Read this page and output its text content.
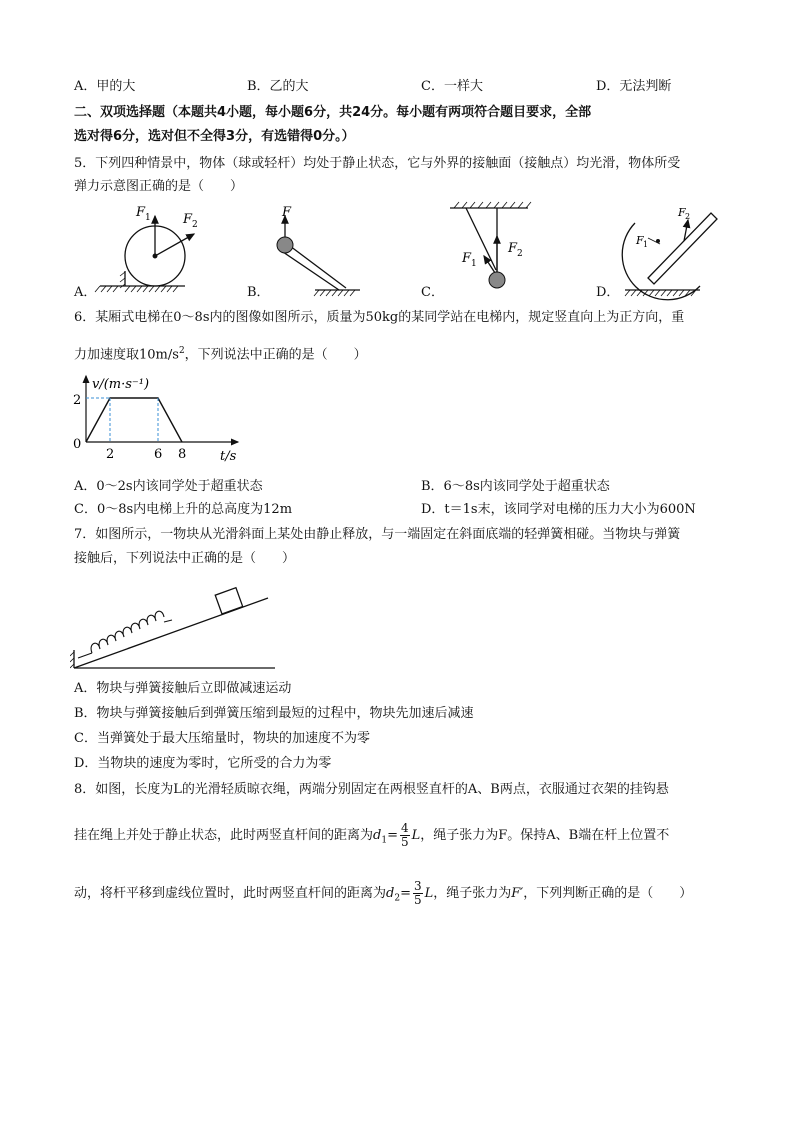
A．甲的大	B．乙的大	C．一样大	D．无法判断
二、双项选择题（本题共4小题，每小题6分，共24分。每小题有两项符合题目要求，全部
选对得6分，选对但不全得3分，有选错得0分。）
5．下列四种情景中，物体（球或轻杆）均处于静止状态，它与外界的接触面（接触点）均光滑，物体所受
弹力示意图正确的是（　　）
F 1 F 2
F
F 1
F 2
F 2
F 1
A．	B．	C．	D．
6．某厢式电梯在0～8s内的图像如图所示，质量为50kg的某同学站在电梯内，规定竖直向上为正方向，重
力加速度取$10m/s^2$，下列说法中正确的是（　　）
2	6 8
v/(m·s⁻¹)
t/s
2
0
A．0～2s内该同学处于超重状态	B．6～8s内该同学处于超重状态
C．0～8s内电梯上升的总高度为12m	D．t＝1s末，该同学对电梯的压力大小为600N
7．如图所示，一物块从光滑斜面上某处由静止释放，与一端固定在斜面底端的轻弹簧相碰。当物块与弹簧
接触后，下列说法中正确的是（　　）
A．物块与弹簧接触后立即做减速运动
B．物块与弹簧接触后到弹簧压缩到最短的过程中，物块先加速后减速
C．当弹簧处于最大压缩量时，物块的加速度不为零
D．当物块的速度为零时，它所受的合力为零
8．如图，长度为L的光滑轻质晾衣绳，两端分别固定在两根竖直杆的A、B两点，衣服通过衣架的挂钩悬
挂在绳上并处于静止状态，此时两竖直杆间的距离为$d_1= \frac{4}{5}$ L，绳子张力为F。保持A、B端在杆上位置不
动，将杆平移到虚线位置时，此时两竖直杆间的距离为$d_2= \frac{3}{5}$ L，绳子张力为F′，下列判断正确的是（　　）
